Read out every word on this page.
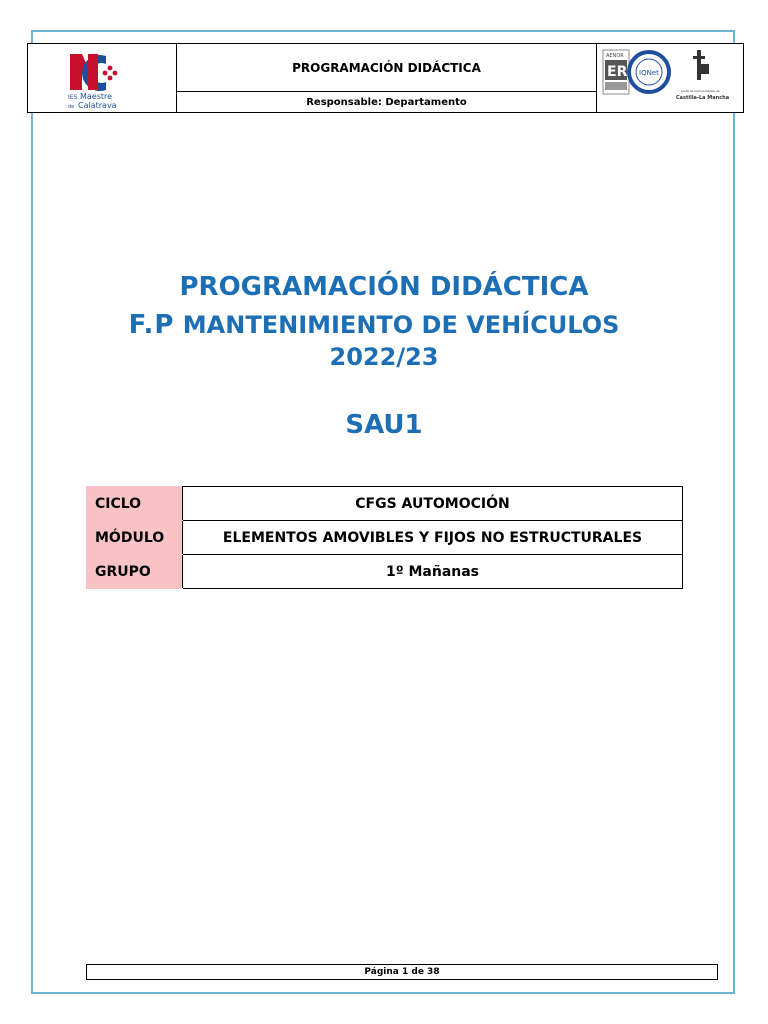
IES Maestre
de Calatrava
PROGRAMACIÓN DIDÁCTICA
Responsable: Departamento
AENOR
ER IQNet
Junta de Comunidades de
Castilla-La Mancha
PROGRAMACIÓN DIDÁCTICA
F.P MANTENIMIENTO DE VEHÍCULOS
2022/23
SAU1
CICLO	CFGS AUTOMOCIÓN
MÓDULO	ELEMENTOS AMOVIBLES Y FIJOS NO ESTRUCTURALES
GRUPO	1º Mañanas
Página 1 de 38
